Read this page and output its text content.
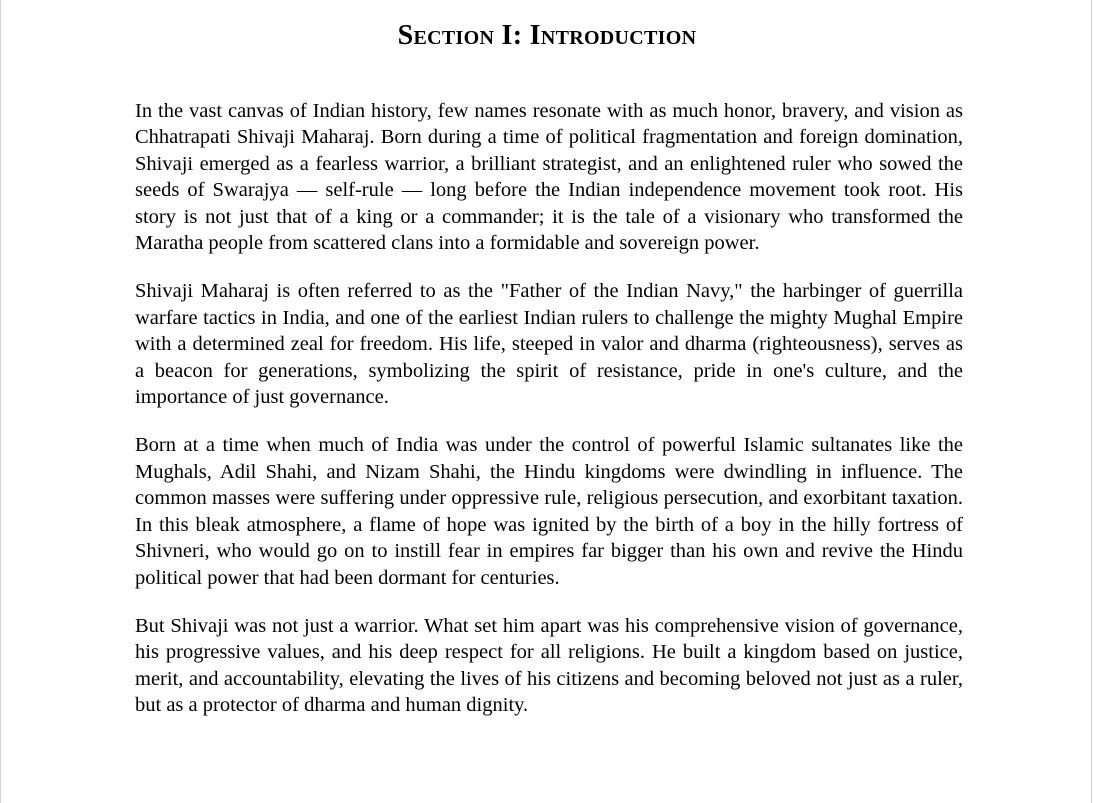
Section I: Introduction

In the vast canvas of Indian history, few names resonate with as much honor, bravery, and vision as Chhatrapati Shivaji Maharaj. Born during a time of political fragmentation and foreign domination, Shivaji emerged as a fearless warrior, a brilliant strategist, and an enlightened ruler who sowed the seeds of Swarajya — self-rule — long before the Indian independence movement took root. His story is not just that of a king or a commander; it is the tale of a visionary who transformed the Maratha people from scattered clans into a formidable and sovereign power.

Shivaji Maharaj is often referred to as the "Father of the Indian Navy," the harbinger of guerrilla warfare tactics in India, and one of the earliest Indian rulers to challenge the mighty Mughal Empire with a determined zeal for freedom. His life, steeped in valor and dharma (righteousness), serves as a beacon for generations, symbolizing the spirit of resistance, pride in one's culture, and the importance of just governance.

Born at a time when much of India was under the control of powerful Islamic sultanates like the Mughals, Adil Shahi, and Nizam Shahi, the Hindu kingdoms were dwindling in influence. The common masses were suffering under oppressive rule, religious persecution, and exorbitant taxation. In this bleak atmosphere, a flame of hope was ignited by the birth of a boy in the hilly fortress of Shivneri, who would go on to instill fear in empires far bigger than his own and revive the Hindu political power that had been dormant for centuries.

But Shivaji was not just a warrior. What set him apart was his comprehensive vision of governance, his progressive values, and his deep respect for all religions. He built a kingdom based on justice, merit, and accountability, elevating the lives of his citizens and becoming beloved not just as a ruler, but as a protector of dharma and human dignity.
